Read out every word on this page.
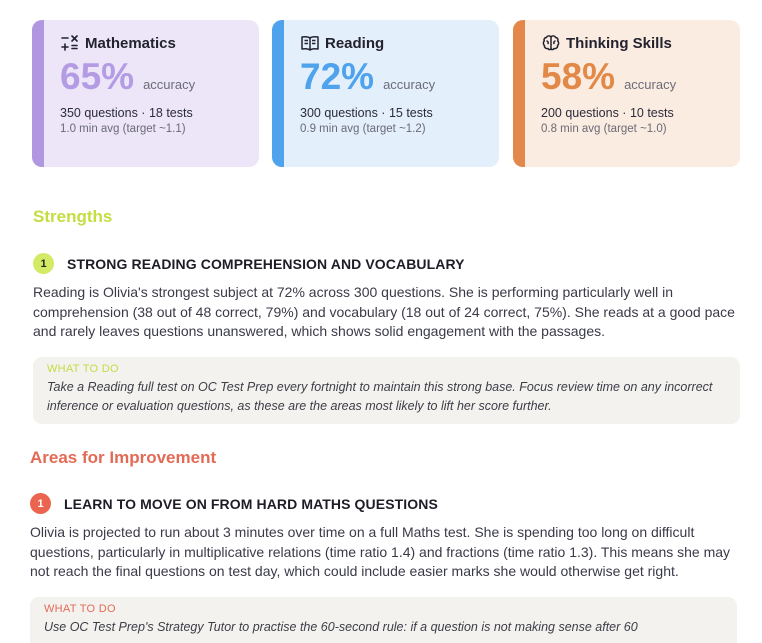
Mathematics
65% accuracy
350 questions · 18 tests
1.0 min avg (target ~1.1)
Reading
72% accuracy
300 questions · 15 tests
0.9 min avg (target ~1.2)
Thinking Skills
58% accuracy
200 questions · 10 tests
0.8 min avg (target ~1.0)
Strengths
1	STRONG READING COMPREHENSION AND VOCABULARY

Reading is Olivia's strongest subject at 72% across 300 questions. She is performing particularly well in comprehension (38 out of 48 correct, 79%) and vocabulary (18 out of 24 correct, 75%). She reads at a good pace and rarely leaves questions unanswered, which shows solid engagement with the passages.

WHAT TO DO
Take a Reading full test on OC Test Prep every fortnight to maintain this strong base. Focus review time on any incorrect inference or evaluation questions, as these are the areas most likely to lift her score further.
Areas for Improvement
1	LEARN TO MOVE ON FROM HARD MATHS QUESTIONS

Olivia is projected to run about 3 minutes over time on a full Maths test. She is spending too long on difficult questions, particularly in multiplicative relations (time ratio 1.4) and fractions (time ratio 1.3). This means she may not reach the final questions on test day, which could include easier marks she would otherwise get right.

WHAT TO DO
Use OC Test Prep's Strategy Tutor to practise the 60-second rule: if a question is not making sense after 60
